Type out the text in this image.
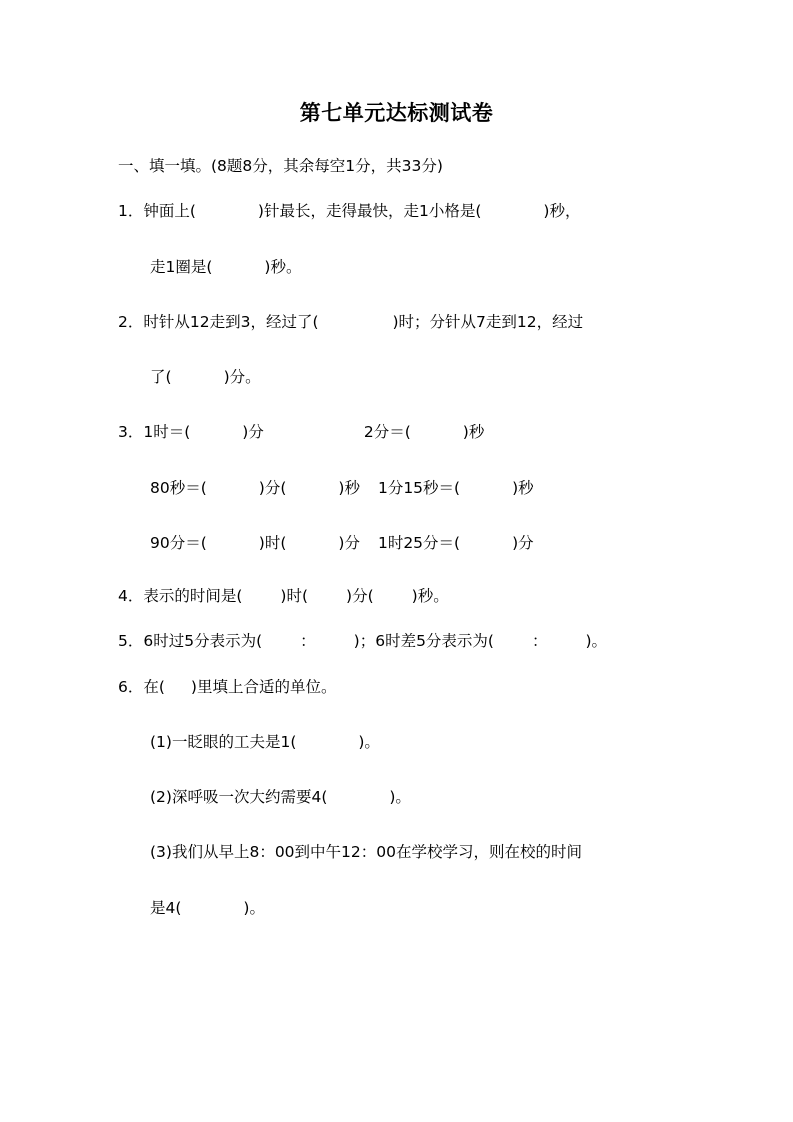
第七单元达标测试卷
一、填一填。(8题8分，其余每空1分，共33分)
1．钟面上(	)针最长，走得最快，走1小格是(	)秒，
走1圈是(	)秒。
2．时针从12走到3，经过了(	)时；分针从7走到12，经过
了(	)分。
3．1时＝(	)分	2分＝(	)秒
80秒＝(	)分(	)秒 1分15秒＝(	)秒
90分＝(	)时(	)分 1时25分＝(	)分
4．表示的时间是( )时( )分( )秒。
5．6时过5分表示为( ： )；6时差5分表示为( ： )。
6．在( )里填上合适的单位。
(1)一眨眼的工夫是1(	)。
(2)深呼吸一次大约需要4(	)。
(3)我们从早上8：00到中午12：00在学校学习，则在校的时间
是4(	)。
